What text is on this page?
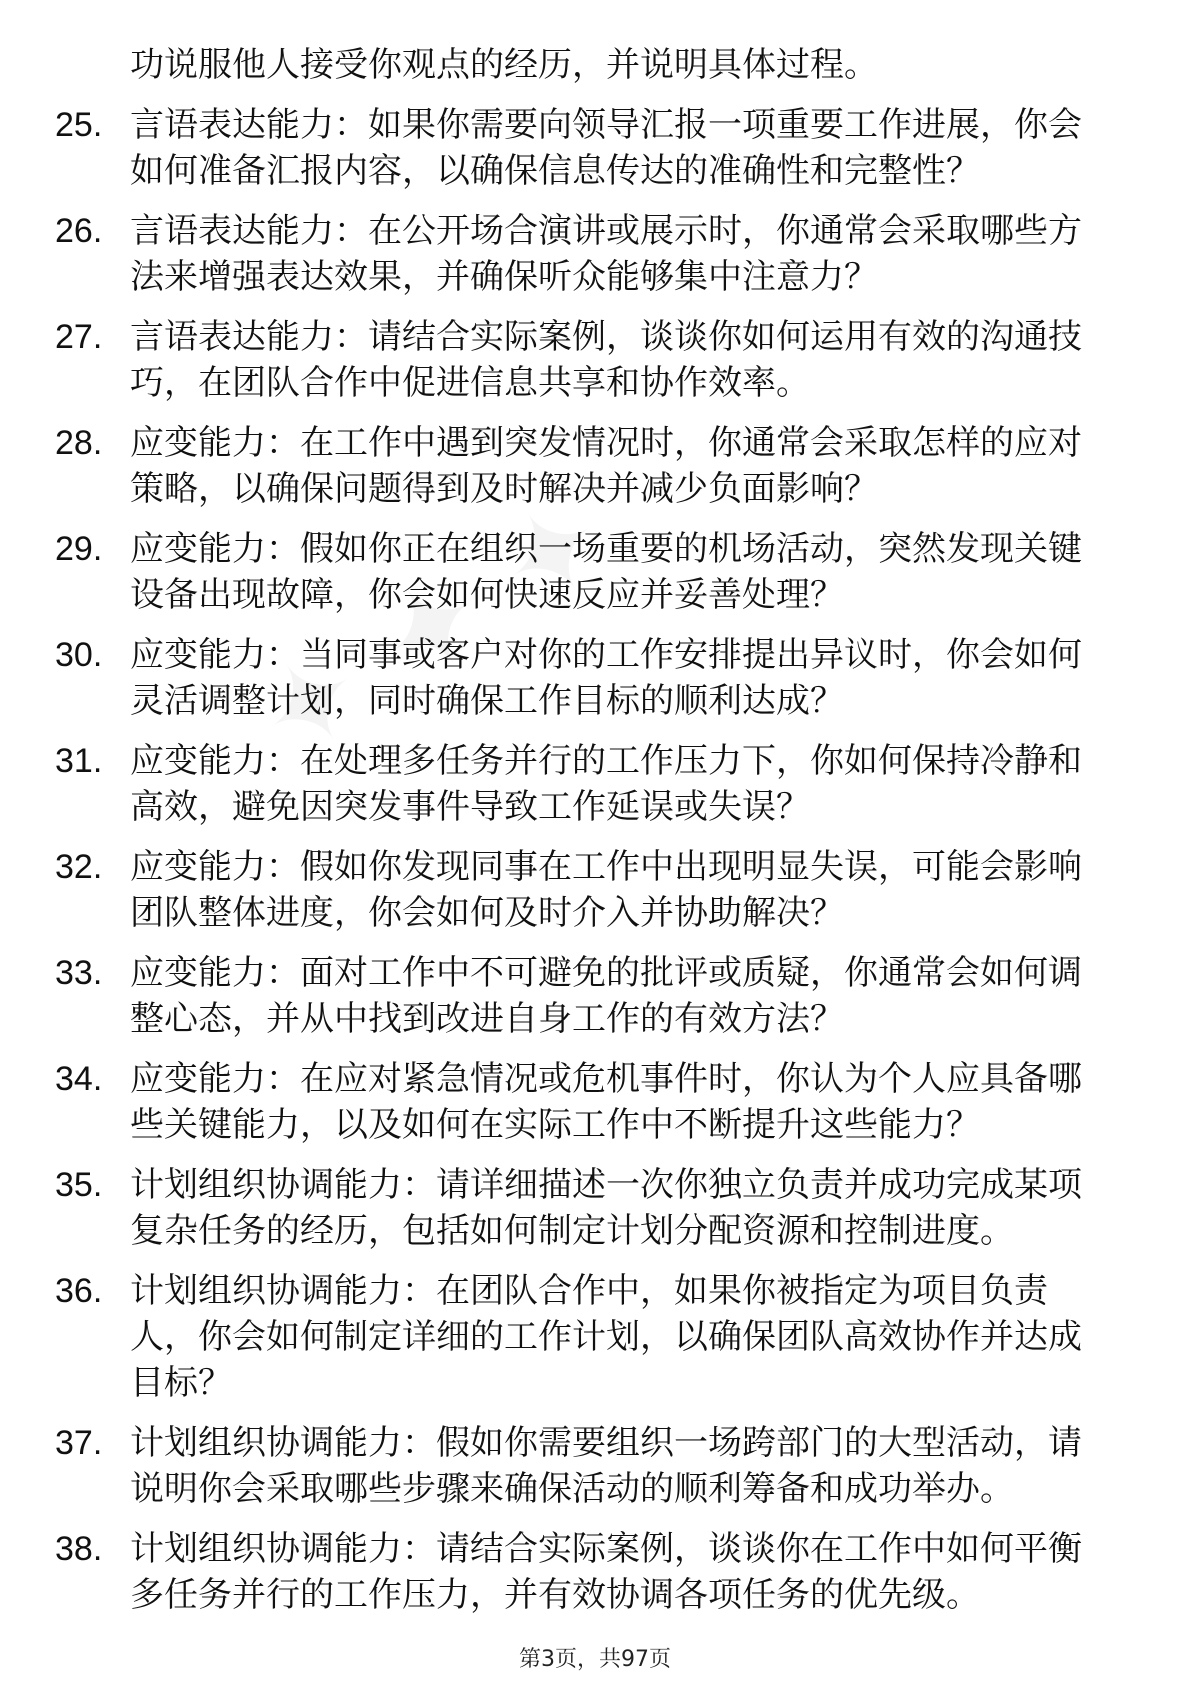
功说服他人接受你观点的经历，并说明具体过程。
25. 言语表达能力：如果你需要向领导汇报一项重要工作进展，你会如何准备汇报内容，以确保信息传达的准确性和完整性？
26. 言语表达能力：在公开场合演讲或展示时，你通常会采取哪些方法来增强表达效果，并确保听众能够集中注意力？
27. 言语表达能力：请结合实际案例，谈谈你如何运用有效的沟通技巧，在团队合作中促进信息共享和协作效率。
28. 应变能力：在工作中遇到突发情况时，你通常会采取怎样的应对策略，以确保问题得到及时解决并减少负面影响？
29. 应变能力：假如你正在组织一场重要的机场活动，突然发现关键设备出现故障，你会如何快速反应并妥善处理？
30. 应变能力：当同事或客户对你的工作安排提出异议时，你会如何灵活调整计划，同时确保工作目标的顺利达成？
31. 应变能力：在处理多任务并行的工作压力下，你如何保持冷静和高效，避免因突发事件导致工作延误或失误？
32. 应变能力：假如你发现同事在工作中出现明显失误，可能会影响团队整体进度，你会如何及时介入并协助解决？
33. 应变能力：面对工作中不可避免的批评或质疑，你通常会如何调整心态，并从中找到改进自身工作的有效方法？
34. 应变能力：在应对紧急情况或危机事件时，你认为个人应具备哪些关键能力，以及如何在实际工作中不断提升这些能力？
35. 计划组织协调能力：请详细描述一次你独立负责并成功完成某项复杂任务的经历，包括如何制定计划分配资源和控制进度。
36. 计划组织协调能力：在团队合作中，如果你被指定为项目负责人，你会如何制定详细的工作计划，以确保团队高效协作并达成目标？
37. 计划组织协调能力：假如你需要组织一场跨部门的大型活动，请说明你会采取哪些步骤来确保活动的顺利筹备和成功举办。
38. 计划组织协调能力：请结合实际案例，谈谈你在工作中如何平衡多任务并行的工作压力，并有效协调各项任务的优先级。
第3页，共97页
